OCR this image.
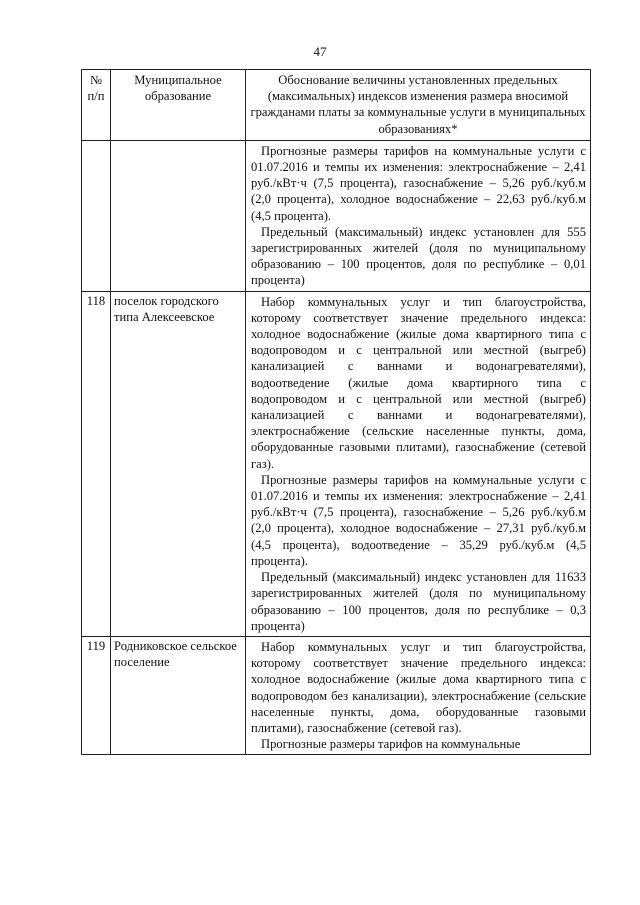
47
№ п/п	Муниципальное образование	Обоснование величины установленных предельных (максимальных) индексов изменения размера вносимой гражданами платы за коммунальные услуги в муниципальных образованиях*

		Прогнозные размеры тарифов на коммунальные услуги с 01.07.2016 и темпы их изменения: электроснабжение – 2,41 руб./кВт·ч (7,5 процента), газоснабжение – 5,26 руб./куб.м (2,0 процента), холодное водоснабжение – 22,63 руб./куб.м (4,5 процента).

Предельный (максимальный) индекс установлен для 555 зарегистрированных жителей (доля по муниципальному образованию – 100 процентов, доля по республике – 0,01 процента)

118	поселок городского типа Алексеевское	Набор коммунальных услуг и тип благоустройства, которому соответствует значение предельного индекса: холодное водоснабжение (жилые дома квартирного типа с водопроводом и с центральной или местной (выгреб) канализацией с ваннами и водонагревателями), водоотведение (жилые дома квартирного типа с водопроводом и с центральной или местной (выгреб) канализацией с ваннами и водонагревателями), электроснабжение (сельские населенные пункты, дома, оборудованные газовыми плитами), газоснабжение (сетевой газ).

Прогнозные размеры тарифов на коммунальные услуги с 01.07.2016 и темпы их изменения: электроснабжение – 2,41 руб./кВт·ч (7,5 процента), газоснабжение – 5,26 руб./куб.м (2,0 процента), холодное водоснабжение – 27,31 руб./куб.м (4,5 процента), водоотведение – 35,29 руб./куб.м (4,5 процента).

Предельный (максимальный) индекс установлен для 11633 зарегистрированных жителей (доля по муниципальному образованию – 100 процентов, доля по республике – 0,3 процента)

119	Родниковское сельское поселение	Набор коммунальных услуг и тип благоустройства, которому соответствует значение предельного индекса: холодное водоснабжение (жилые дома квартирного типа с водопроводом без канализации), электроснабжение (сельские населенные пункты, дома, оборудованные газовыми плитами), газоснабжение (сетевой газ).

Прогнозные размеры тарифов на коммунальные
